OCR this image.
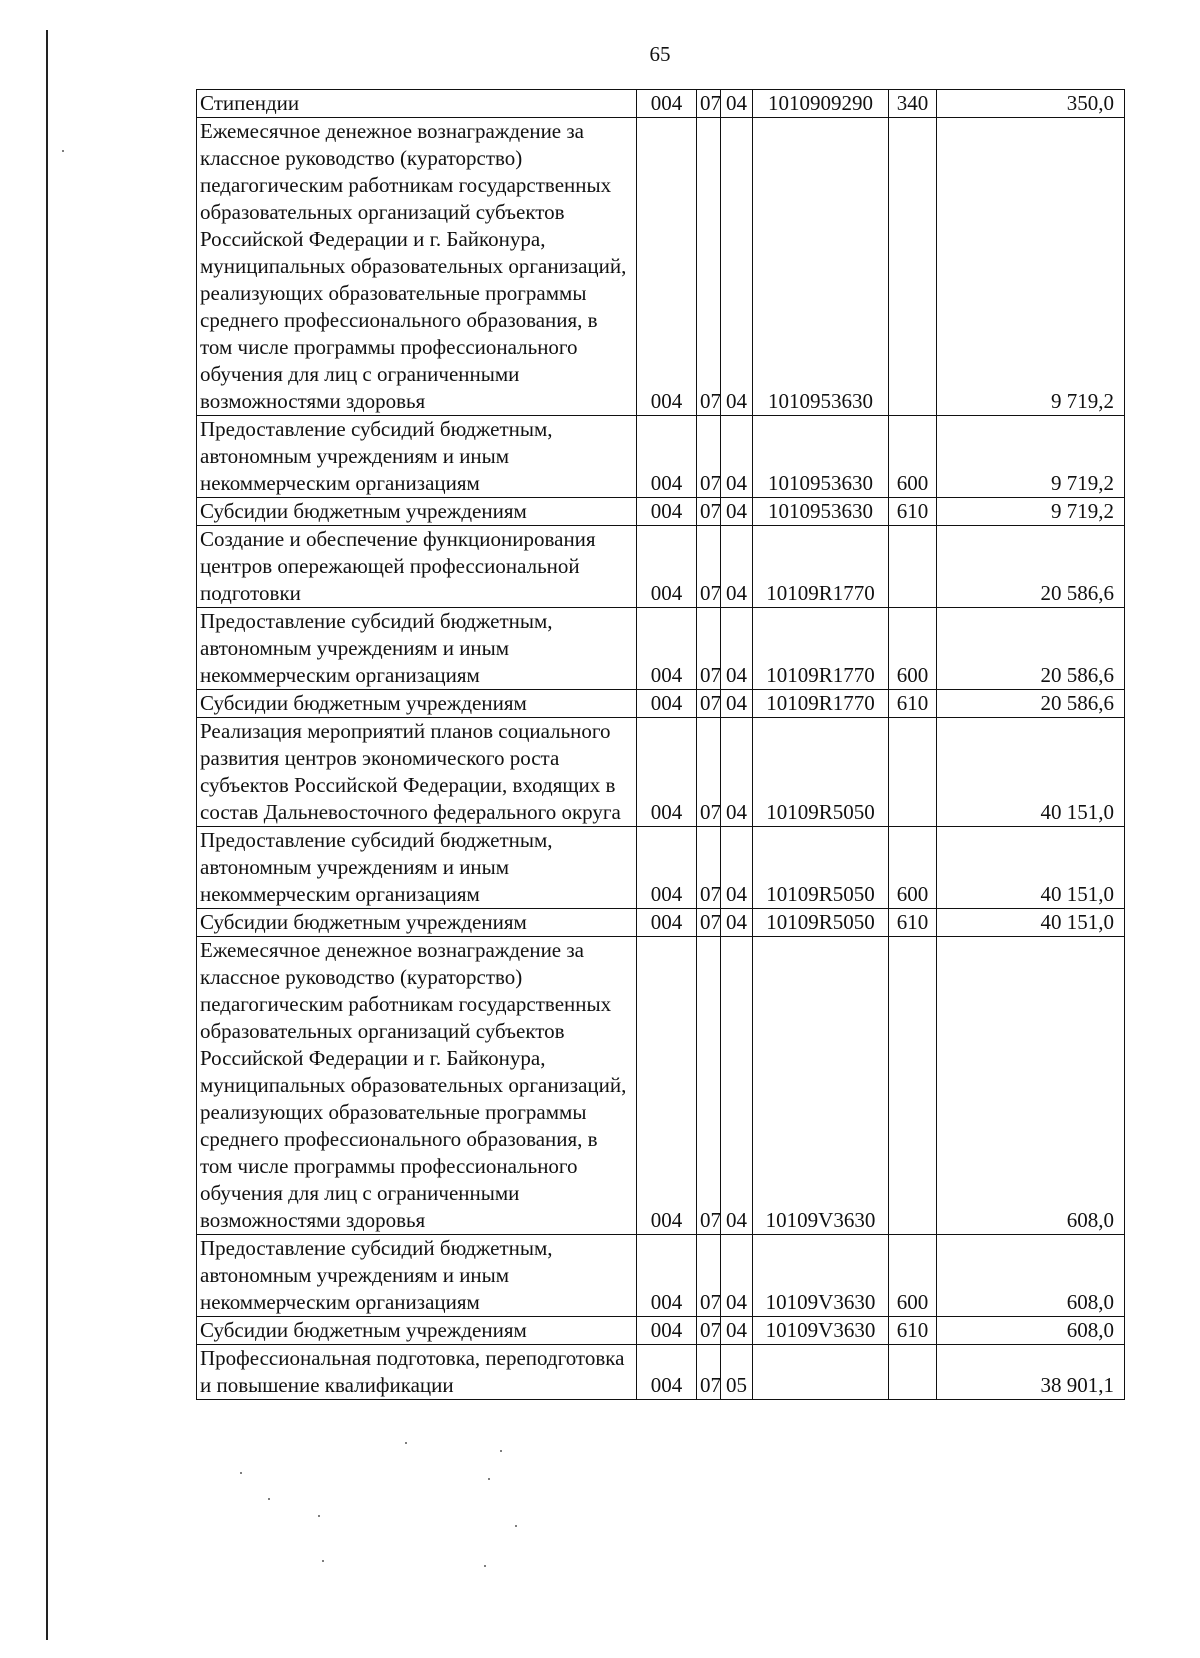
65
Стипендии	004	07	04	1010909290	340	350,0
Ежемесячное денежное вознаграждение за классное руководство (кураторство) педагогическим работникам государственных образовательных организаций субъектов Российской Федерации и г. Байконура, муниципальных образовательных организаций, реализующих образовательные программы среднего профессионального образования, в том числе программы профессионального обучения для лиц с ограниченными возможностями здоровья	004	07	04	1010953630		9 719,2
Предоставление субсидий бюджетным, автономным учреждениям и иным некоммерческим организациям	004	07	04	1010953630	600	9 719,2
Субсидии бюджетным учреждениям	004	07	04	1010953630	610	9 719,2
Создание и обеспечение функционирования центров опережающей профессиональной подготовки	004	07	04	10109R1770		20 586,6
Предоставление субсидий бюджетным, автономным учреждениям и иным некоммерческим организациям	004	07	04	10109R1770	600	20 586,6
Субсидии бюджетным учреждениям	004	07	04	10109R1770	610	20 586,6
Реализация мероприятий планов социального развития центров экономического роста субъектов Российской Федерации, входящих в состав Дальневосточного федерального округа	004	07	04	10109R5050		40 151,0
Предоставление субсидий бюджетным, автономным учреждениям и иным некоммерческим организациям	004	07	04	10109R5050	600	40 151,0
Субсидии бюджетным учреждениям	004	07	04	10109R5050	610	40 151,0
Ежемесячное денежное вознаграждение за классное руководство (кураторство) педагогическим работникам государственных образовательных организаций субъектов Российской Федерации и г. Байконура, муниципальных образовательных организаций, реализующих образовательные программы среднего профессионального образования, в том числе программы профессионального обучения для лиц с ограниченными возможностями здоровья	004	07	04	10109V3630		608,0
Предоставление субсидий бюджетным, автономным учреждениям и иным некоммерческим организациям	004	07	04	10109V3630	600	608,0
Субсидии бюджетным учреждениям	004	07	04	10109V3630	610	608,0
Профессиональная подготовка, переподготовка и повышение квалификации	004	07	05			38 901,1
